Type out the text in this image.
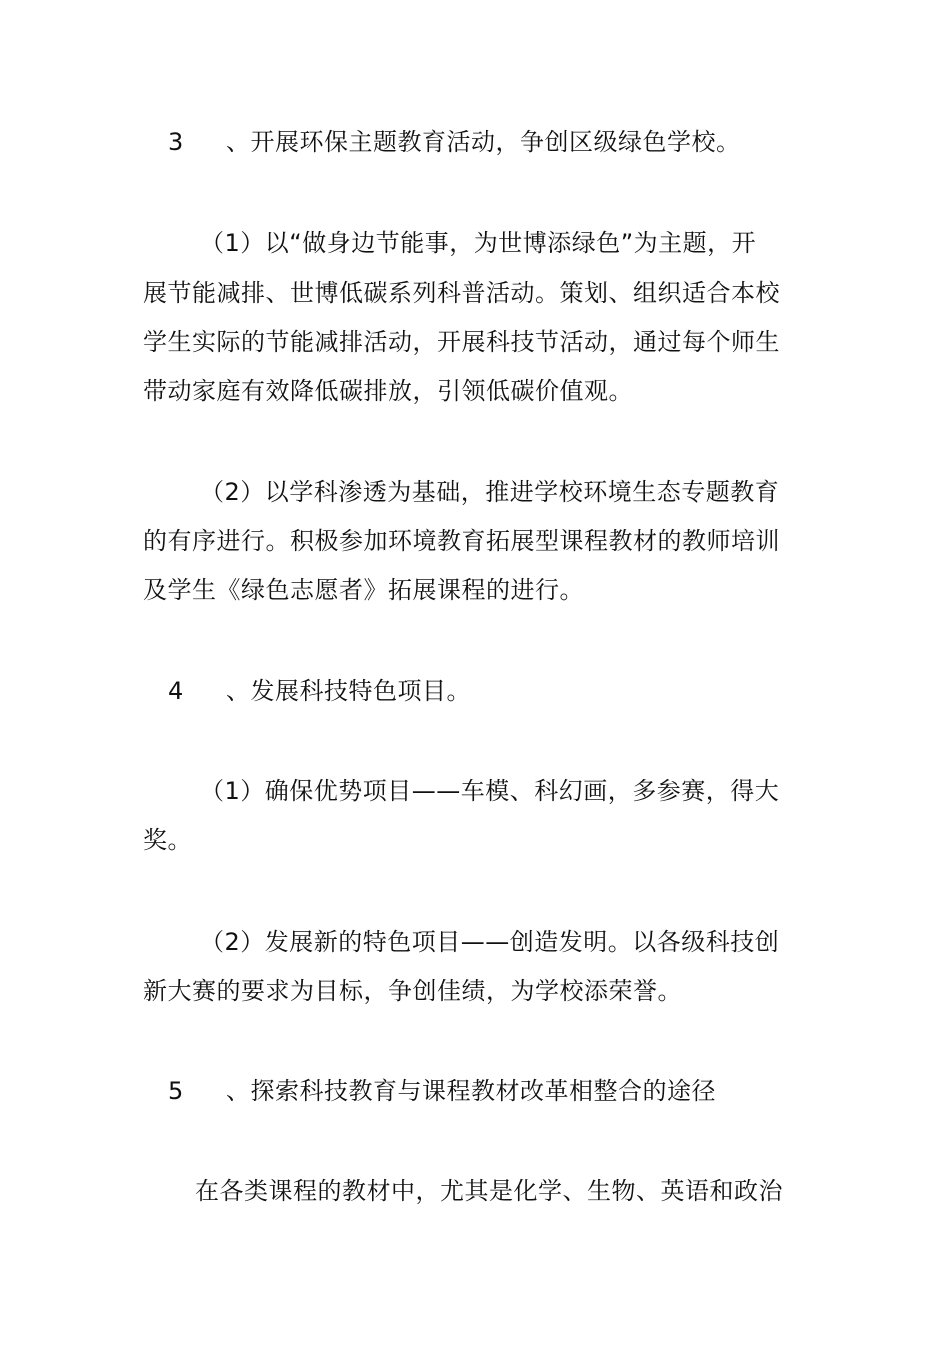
3 、开展环保主题教育活动，争创区级绿色学校。
（1）以“做身边节能事，为世博添绿色”为主题，开
展节能减排、世博低碳系列科普活动。策划、组织适合本校
学生实际的节能减排活动，开展科技节活动，通过每个师生
带动家庭有效降低碳排放，引领低碳价值观。
（2）以学科渗透为基础，推进学校环境生态专题教育
的有序进行。积极参加环境教育拓展型课程教材的教师培训
及学生《绿色志愿者》拓展课程的进行。
4 、发展科技特色项目。
（1）确保优势项目——车模、科幻画，多参赛，得大
奖。
（2）发展新的特色项目——创造发明。以各级科技创
新大赛的要求为目标，争创佳绩，为学校添荣誉。
5 、探索科技教育与课程教材改革相整合的途径
在各类课程的教材中，尤其是化学、生物、英语和政治
